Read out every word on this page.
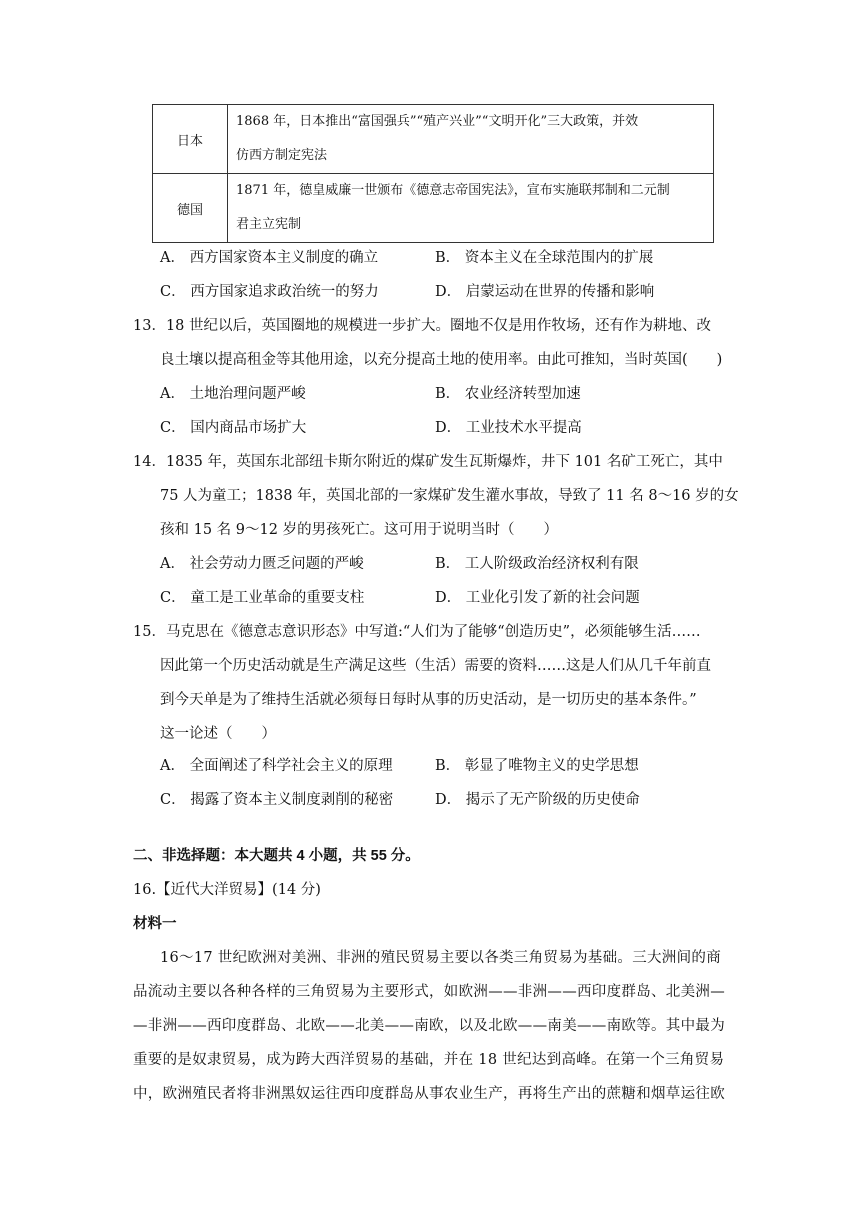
日本	1868 年，日本推出“富国强兵”“殖产兴业”“文明开化”三大政策，并效
仿西方制定宪法

德国	1871 年，德皇威廉一世颁布《德意志帝国宪法》，宣布实施联邦制和二元制
君主立宪制
A． 西方国家资本主义制度的确立	B． 资本主义在全球范围内的扩展
C． 西方国家追求政治统一的努力	D． 启蒙运动在世界的传播和影响
13．18 世纪以后，英国圈地的规模进一步扩大。圈地不仅是用作牧场，还有作为耕地、改
良土壤以提高租金等其他用途，以充分提高土地的使用率。由此可推知，当时英国(　　)
A． 土地治理问题严峻	B． 农业经济转型加速
C． 国内商品市场扩大	D． 工业技术水平提高
14．1835 年，英国东北部纽卡斯尔附近的煤矿发生瓦斯爆炸，井下 101 名矿工死亡，其中
75 人为童工；1838 年，英国北部的一家煤矿发生灌水事故，导致了 11 名 8～16 岁的女
孩和 15 名 9～12 岁的男孩死亡。这可用于说明当时（　　）
A． 社会劳动力匮乏问题的严峻	B． 工人阶级政治经济权利有限
C． 童工是工业革命的重要支柱	D． 工业化引发了新的社会问题
15．马克思在《德意志意识形态》中写道:“人们为了能够“创造历史”，必须能够生活……
因此第一个历史活动就是生产满足这些（生活）需要的资料……这是人们从几千年前直
到今天单是为了维持生活就必须每日每时从事的历史活动，是一切历史的基本条件。”
这一论述（　　）
A． 全面阐述了科学社会主义的原理	B． 彰显了唯物主义的史学思想
C． 揭露了资本主义制度剥削的秘密	D． 揭示了无产阶级的历史使命
二、非选择题：本大题共 4 小题，共 55 分。
16.【近代大洋贸易】(14 分)
材料一
16～17 世纪欧洲对美洲、非洲的殖民贸易主要以各类三角贸易为基础。三大洲间的商
品流动主要以各种各样的三角贸易为主要形式，如欧洲——非洲——西印度群岛、北美洲—
—非洲——西印度群岛、北欧——北美——南欧，以及北欧——南美——南欧等。其中最为
重要的是奴隶贸易，成为跨大西洋贸易的基础，并在 18 世纪达到高峰。在第一个三角贸易
中，欧洲殖民者将非洲黑奴运往西印度群岛从事农业生产，再将生产出的蔗糖和烟草运往欧
